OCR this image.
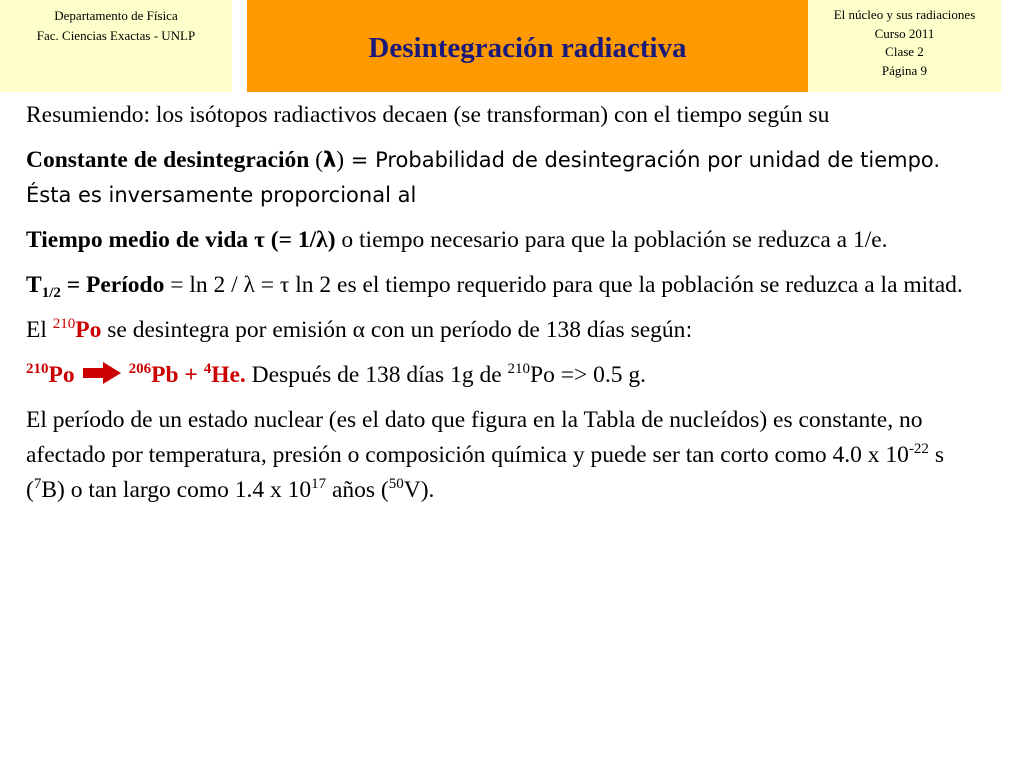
Departamento de Física
Fac. Ciencias Exactas - UNLP	Desintegración radiactiva
El núcleo y sus radiaciones
Curso 2011
Clase 2
Página 9

Resumiendo: los isótopos radiactivos decaen (se transforman) con el tiempo según su

Constante de desintegración (λ) = Probabilidad de desintegración por unidad de tiempo. Ésta es inversamente proporcional al

Tiempo medio de vida τ (= 1/λ) o tiempo necesario para que la población se reduzca a 1/e.

$T_{1/2}$ = Período = ln 2 / λ = τ ln 2 es el tiempo requerido para que la población se reduzca a la mitad.

El $^{210}$Po se desintegra por emisión α con un período de 138 días según:

$^{210}$Po → $^{206}$Pb + $^4$He. Después de 138 días 1g de $^{210}$Po => 0.5 g.

El período de un estado nuclear (es el dato que figura en la Tabla de nucleídos) es constante, no afectado por temperatura, presión o composición química y puede ser tan corto como 4.0 x $10^{-22}$ s ($^7$B) o tan largo como 1.4 x $10^{17}$ años ($^{50}$V).
